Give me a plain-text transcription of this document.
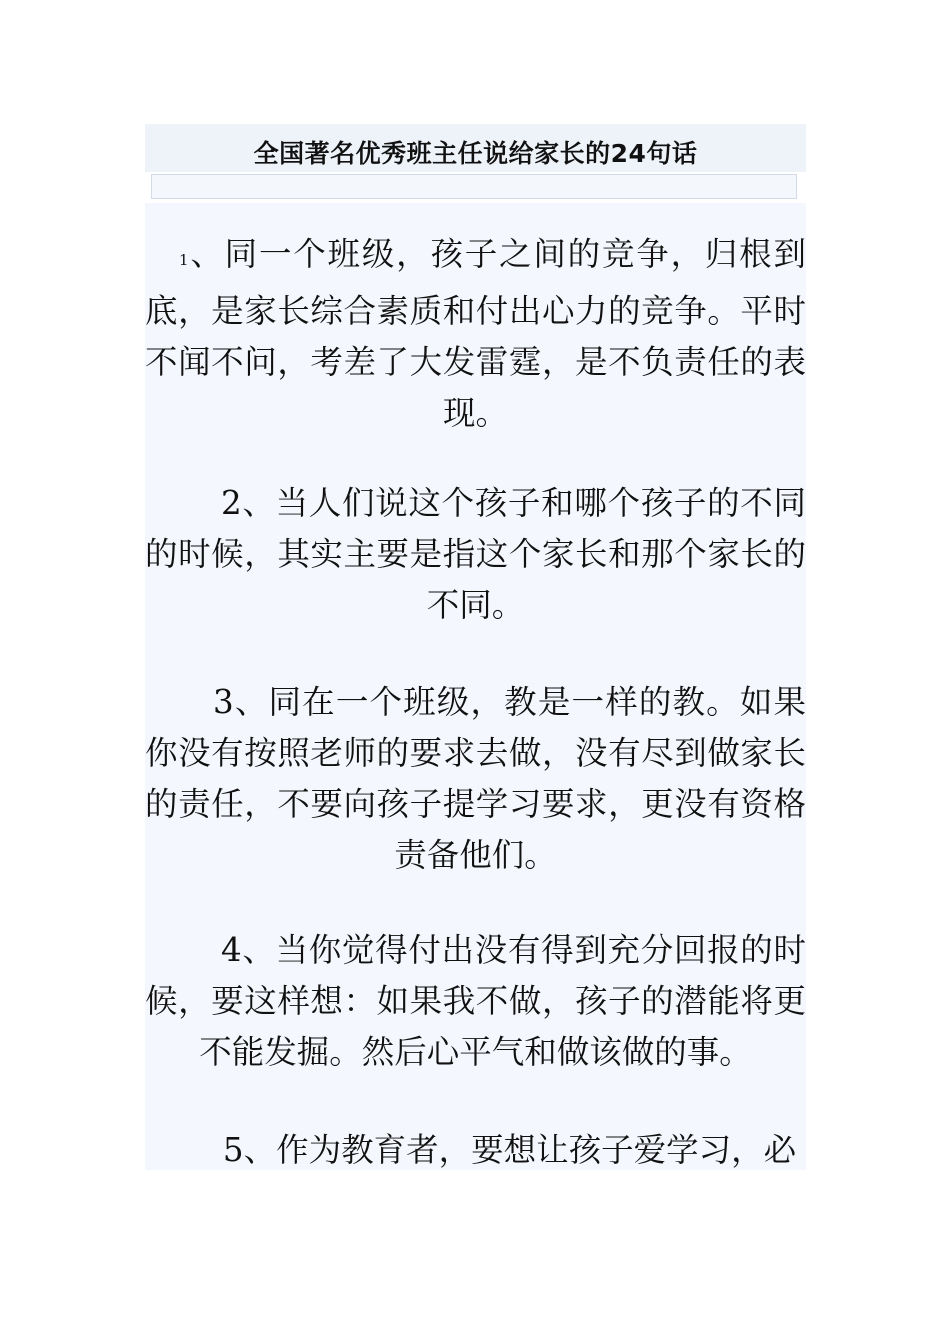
全国著名优秀班主任说给家长的24句话
1、同一个班级，孩子之间的竞争，归根到底，是家长综合素质和付出心力的竞争。平时不闻不问，考差了大发雷霆，是不负责任的表现。
2、当人们说这个孩子和哪个孩子的不同的时候，其实主要是指这个家长和那个家长的不同。
3、同在一个班级，教是一样的教。如果你没有按照老师的要求去做，没有尽到做家长的责任，不要向孩子提学习要求，更没有资格责备他们。
4、当你觉得付出没有得到充分回报的时候，要这样想：如果我不做，孩子的潜能将更不能发掘。然后心平气和做该做的事。
5、作为教育者，要想让孩子爱学习，必
